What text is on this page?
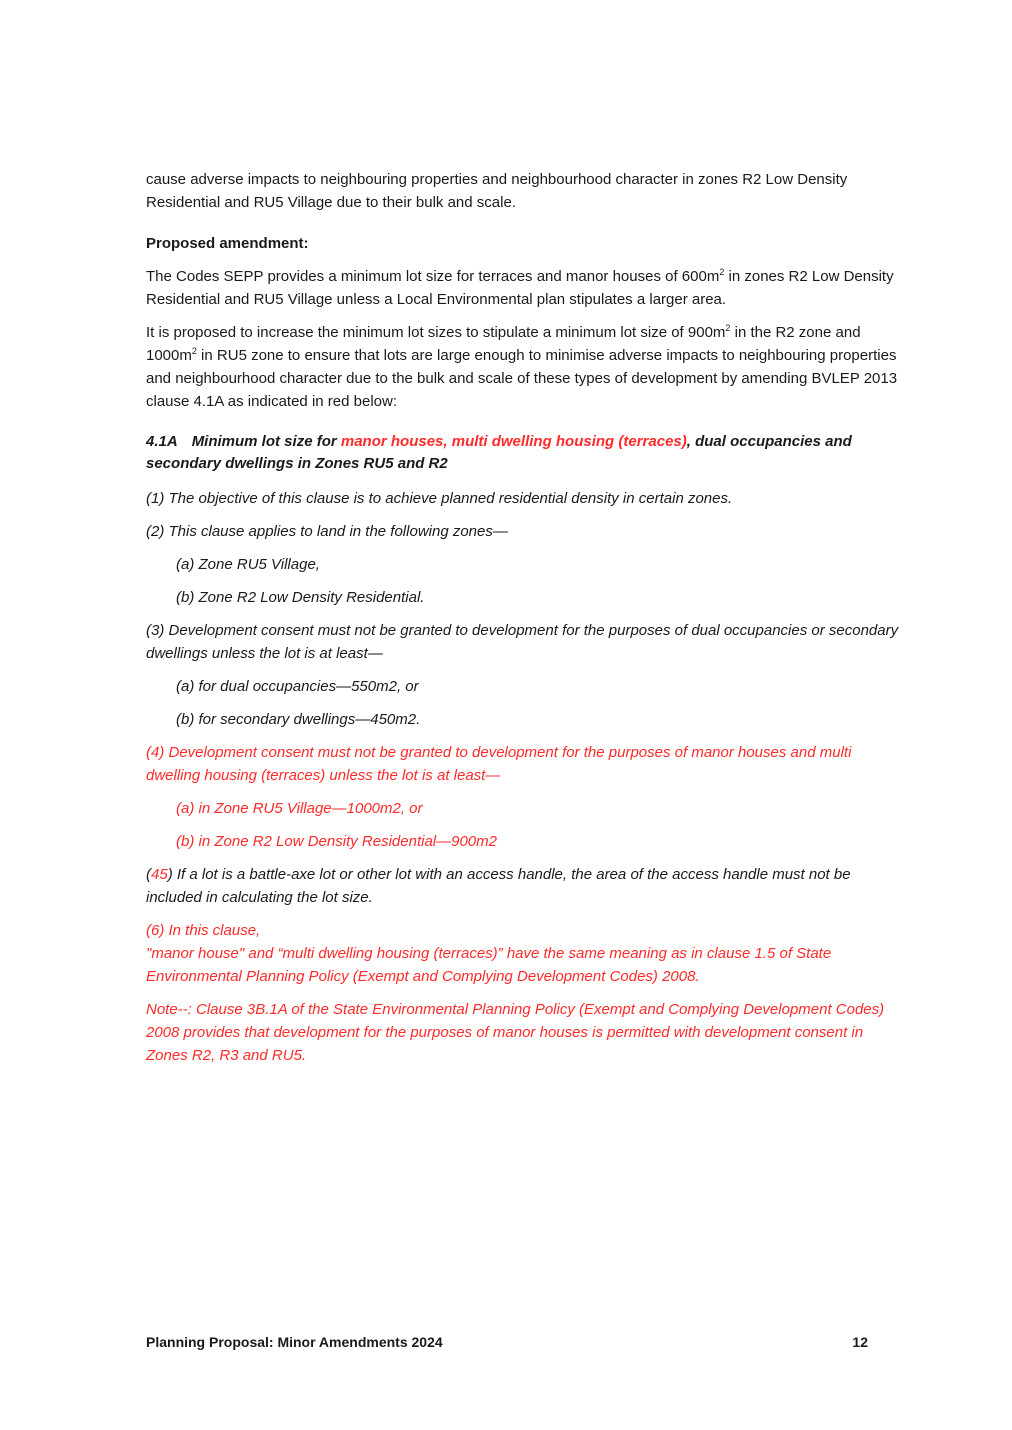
cause adverse impacts to neighbouring properties and neighbourhood character in zones R2 Low Density Residential and RU5 Village due to their bulk and scale.

Proposed amendment:

The Codes SEPP provides a minimum lot size for terraces and manor houses of $600m^2$ in zones R2 Low Density Residential and RU5 Village unless a Local Environmental plan stipulates a larger area.

It is proposed to increase the minimum lot sizes to stipulate a minimum lot size of $900m^2$ in the R2 zone and $1000m^2$ in RU5 zone to ensure that lots are large enough to minimise adverse impacts to neighbouring properties and neighbourhood character due to the bulk and scale of these types of development by amending BVLEP 2013 clause 4.1A as indicated in red below:

4.1A Minimum lot size for manor houses, multi dwelling housing (terraces), dual occupancies and secondary dwellings in Zones RU5 and R2

(1) The objective of this clause is to achieve planned residential density in certain zones.

(2) This clause applies to land in the following zones—

(a) Zone RU5 Village,

(b) Zone R2 Low Density Residential.

(3) Development consent must not be granted to development for the purposes of dual occupancies or secondary dwellings unless the lot is at least—

(a) for dual occupancies—550m2, or

(b) for secondary dwellings—450m2.

(4) Development consent must not be granted to development for the purposes of manor houses and multi dwelling housing (terraces) unless the lot is at least—

(a) in Zone RU5 Village—1000m2, or

(b) in Zone R2 Low Density Residential—900m2

(45) If a lot is a battle-axe lot or other lot with an access handle, the area of the access handle must not be included in calculating the lot size.

(6) In this clause,
"manor house" and “multi dwelling housing (terraces)” have the same meaning as in clause 1.5 of State Environmental Planning Policy (Exempt and Complying Development Codes) 2008.

Note--: Clause 3B.1A of the State Environmental Planning Policy (Exempt and Complying Development Codes) 2008 provides that development for the purposes of manor houses is permitted with development consent in Zones R2, R3 and RU5.

Planning Proposal: Minor Amendments 2024	12
